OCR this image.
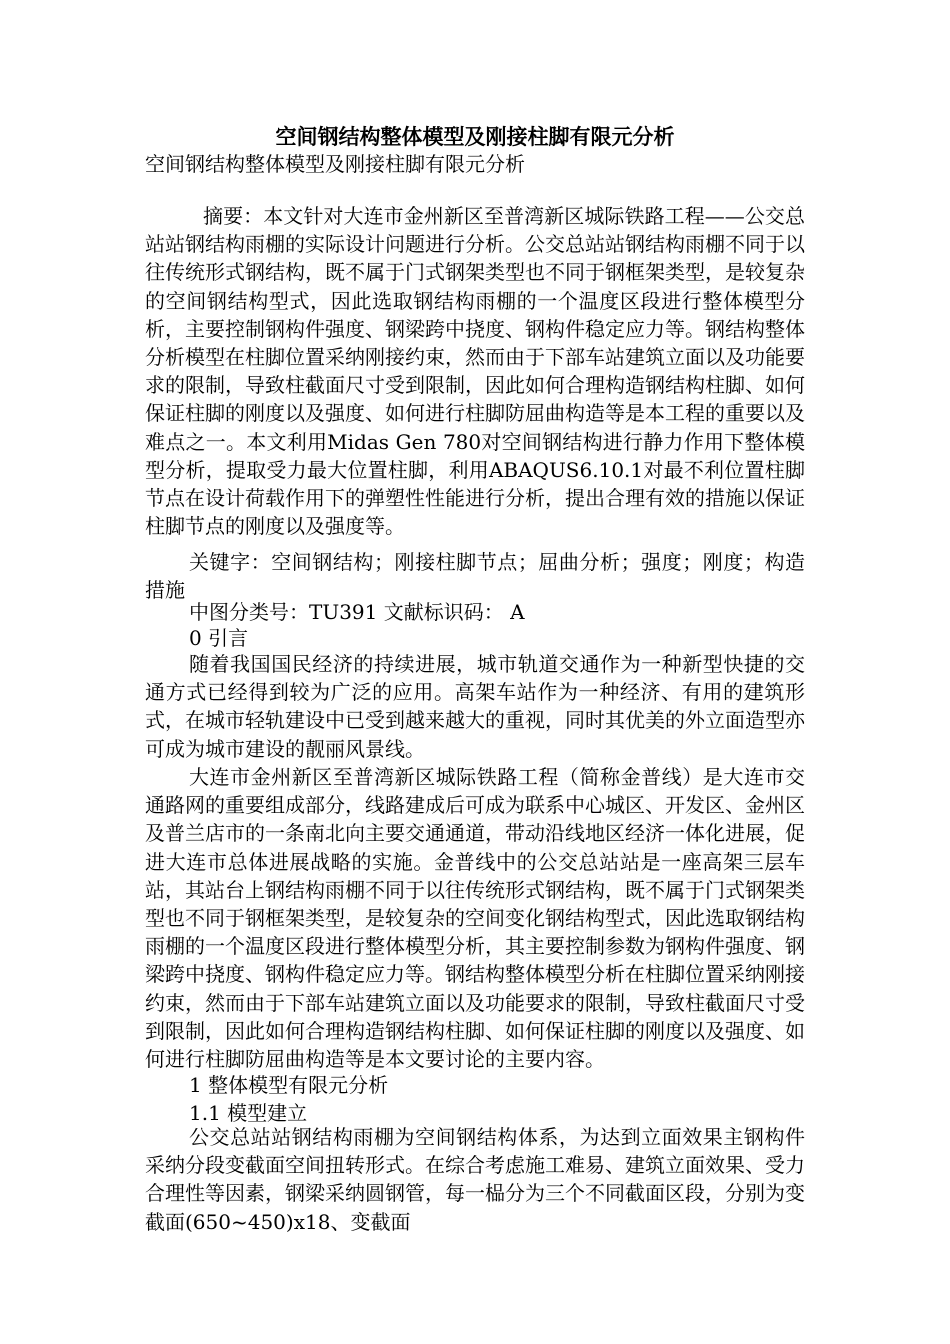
空间钢结构整体模型及刚接柱脚有限元分析
空间钢结构整体模型及刚接柱脚有限元分析
摘要：本文针对大连市金州新区至普湾新区城际铁路工程——公交总站站钢结构雨棚的实际设计问题进行分析。公交总站站钢结构雨棚不同于以往传统形式钢结构，既不属于门式钢架类型也不同于钢框架类型，是较复杂的空间钢结构型式，因此选取钢结构雨棚的一个温度区段进行整体模型分析，主要控制钢构件强度、钢梁跨中挠度、钢构件稳定应力等。钢结构整体分析模型在柱脚位置采纳刚接约束，然而由于下部车站建筑立面以及功能要求的限制，导致柱截面尺寸受到限制，因此如何合理构造钢结构柱脚、如何保证柱脚的刚度以及强度、如何进行柱脚防屈曲构造等是本工程的重要以及难点之一。本文利用Midas Gen 780对空间钢结构进行静力作用下整体模型分析，提取受力最大位置柱脚，利用ABAQUS6.10.1对最不利位置柱脚节点在设计荷载作用下的弹塑性性能进行分析，提出合理有效的措施以保证柱脚节点的刚度以及强度等。
关键字：空间钢结构；刚接柱脚节点；屈曲分析；强度；刚度；构造措施
中图分类号：TU391 文献标识码： A
0 引言
随着我国国民经济的持续进展，城市轨道交通作为一种新型快捷的交通方式已经得到较为广泛的应用。高架车站作为一种经济、有用的建筑形式，在城市轻轨建设中已受到越来越大的重视，同时其优美的外立面造型亦可成为城市建设的靓丽风景线。
大连市金州新区至普湾新区城际铁路工程（简称金普线）是大连市交通路网的重要组成部分，线路建成后可成为联系中心城区、开发区、金州区及普兰店市的一条南北向主要交通通道，带动沿线地区经济一体化进展，促进大连市总体进展战略的实施。金普线中的公交总站站是一座高架三层车站，其站台上钢结构雨棚不同于以往传统形式钢结构，既不属于门式钢架类型也不同于钢框架类型，是较复杂的空间变化钢结构型式，因此选取钢结构雨棚的一个温度区段进行整体模型分析，其主要控制参数为钢构件强度、钢梁跨中挠度、钢构件稳定应力等。钢结构整体模型分析在柱脚位置采纳刚接约束，然而由于下部车站建筑立面以及功能要求的限制，导致柱截面尺寸受到限制，因此如何合理构造钢结构柱脚、如何保证柱脚的刚度以及强度、如何进行柱脚防屈曲构造等是本文要讨论的主要内容。
1 整体模型有限元分析
1.1 模型建立
公交总站站钢结构雨棚为空间钢结构体系，为达到立面效果主钢构件采纳分段变截面空间扭转形式。在综合考虑施工难易、建筑立面效果、受力合理性等因素，钢梁采纳圆钢管，每一榀分为三个不同截面区段，分别为变截面(650~450)x18、变截面
